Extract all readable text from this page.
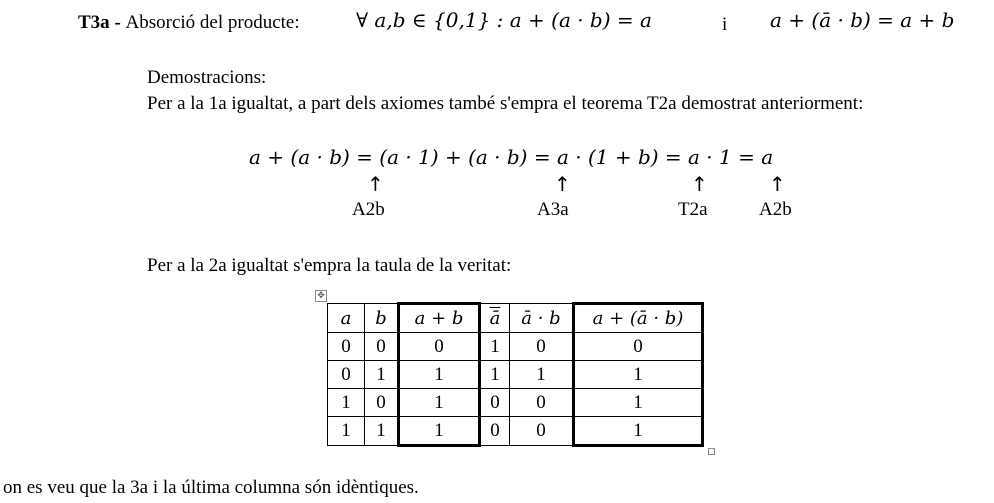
T3a - Absorció del producte:	∀ a,b ∈ {0,1} : a + (a · b) = a	i a + (ā · b) = a + b
Demostracions:
Per a la 1a igualtat, a part dels axiomes també s'empra el teorema T2a demostrat anteriorment:
a + (a · b) = (a · 1) + (a · b) = a · (1 + b) = a · 1 = a
↑	↑	↑	↑
A2b	A3a	T2a	A2b
Per a la 2a igualtat s'empra la taula de la veritat:
✥
a	b	a + b	$\overline{ā}$	ā · b	a + (ā · b)
0	0	0	1	0	0
0	1	1	1	1	1
1	0	1	0	0	1
1	1	1	0	0	1
on es veu que la 3a i la última columna són idèntiques.
